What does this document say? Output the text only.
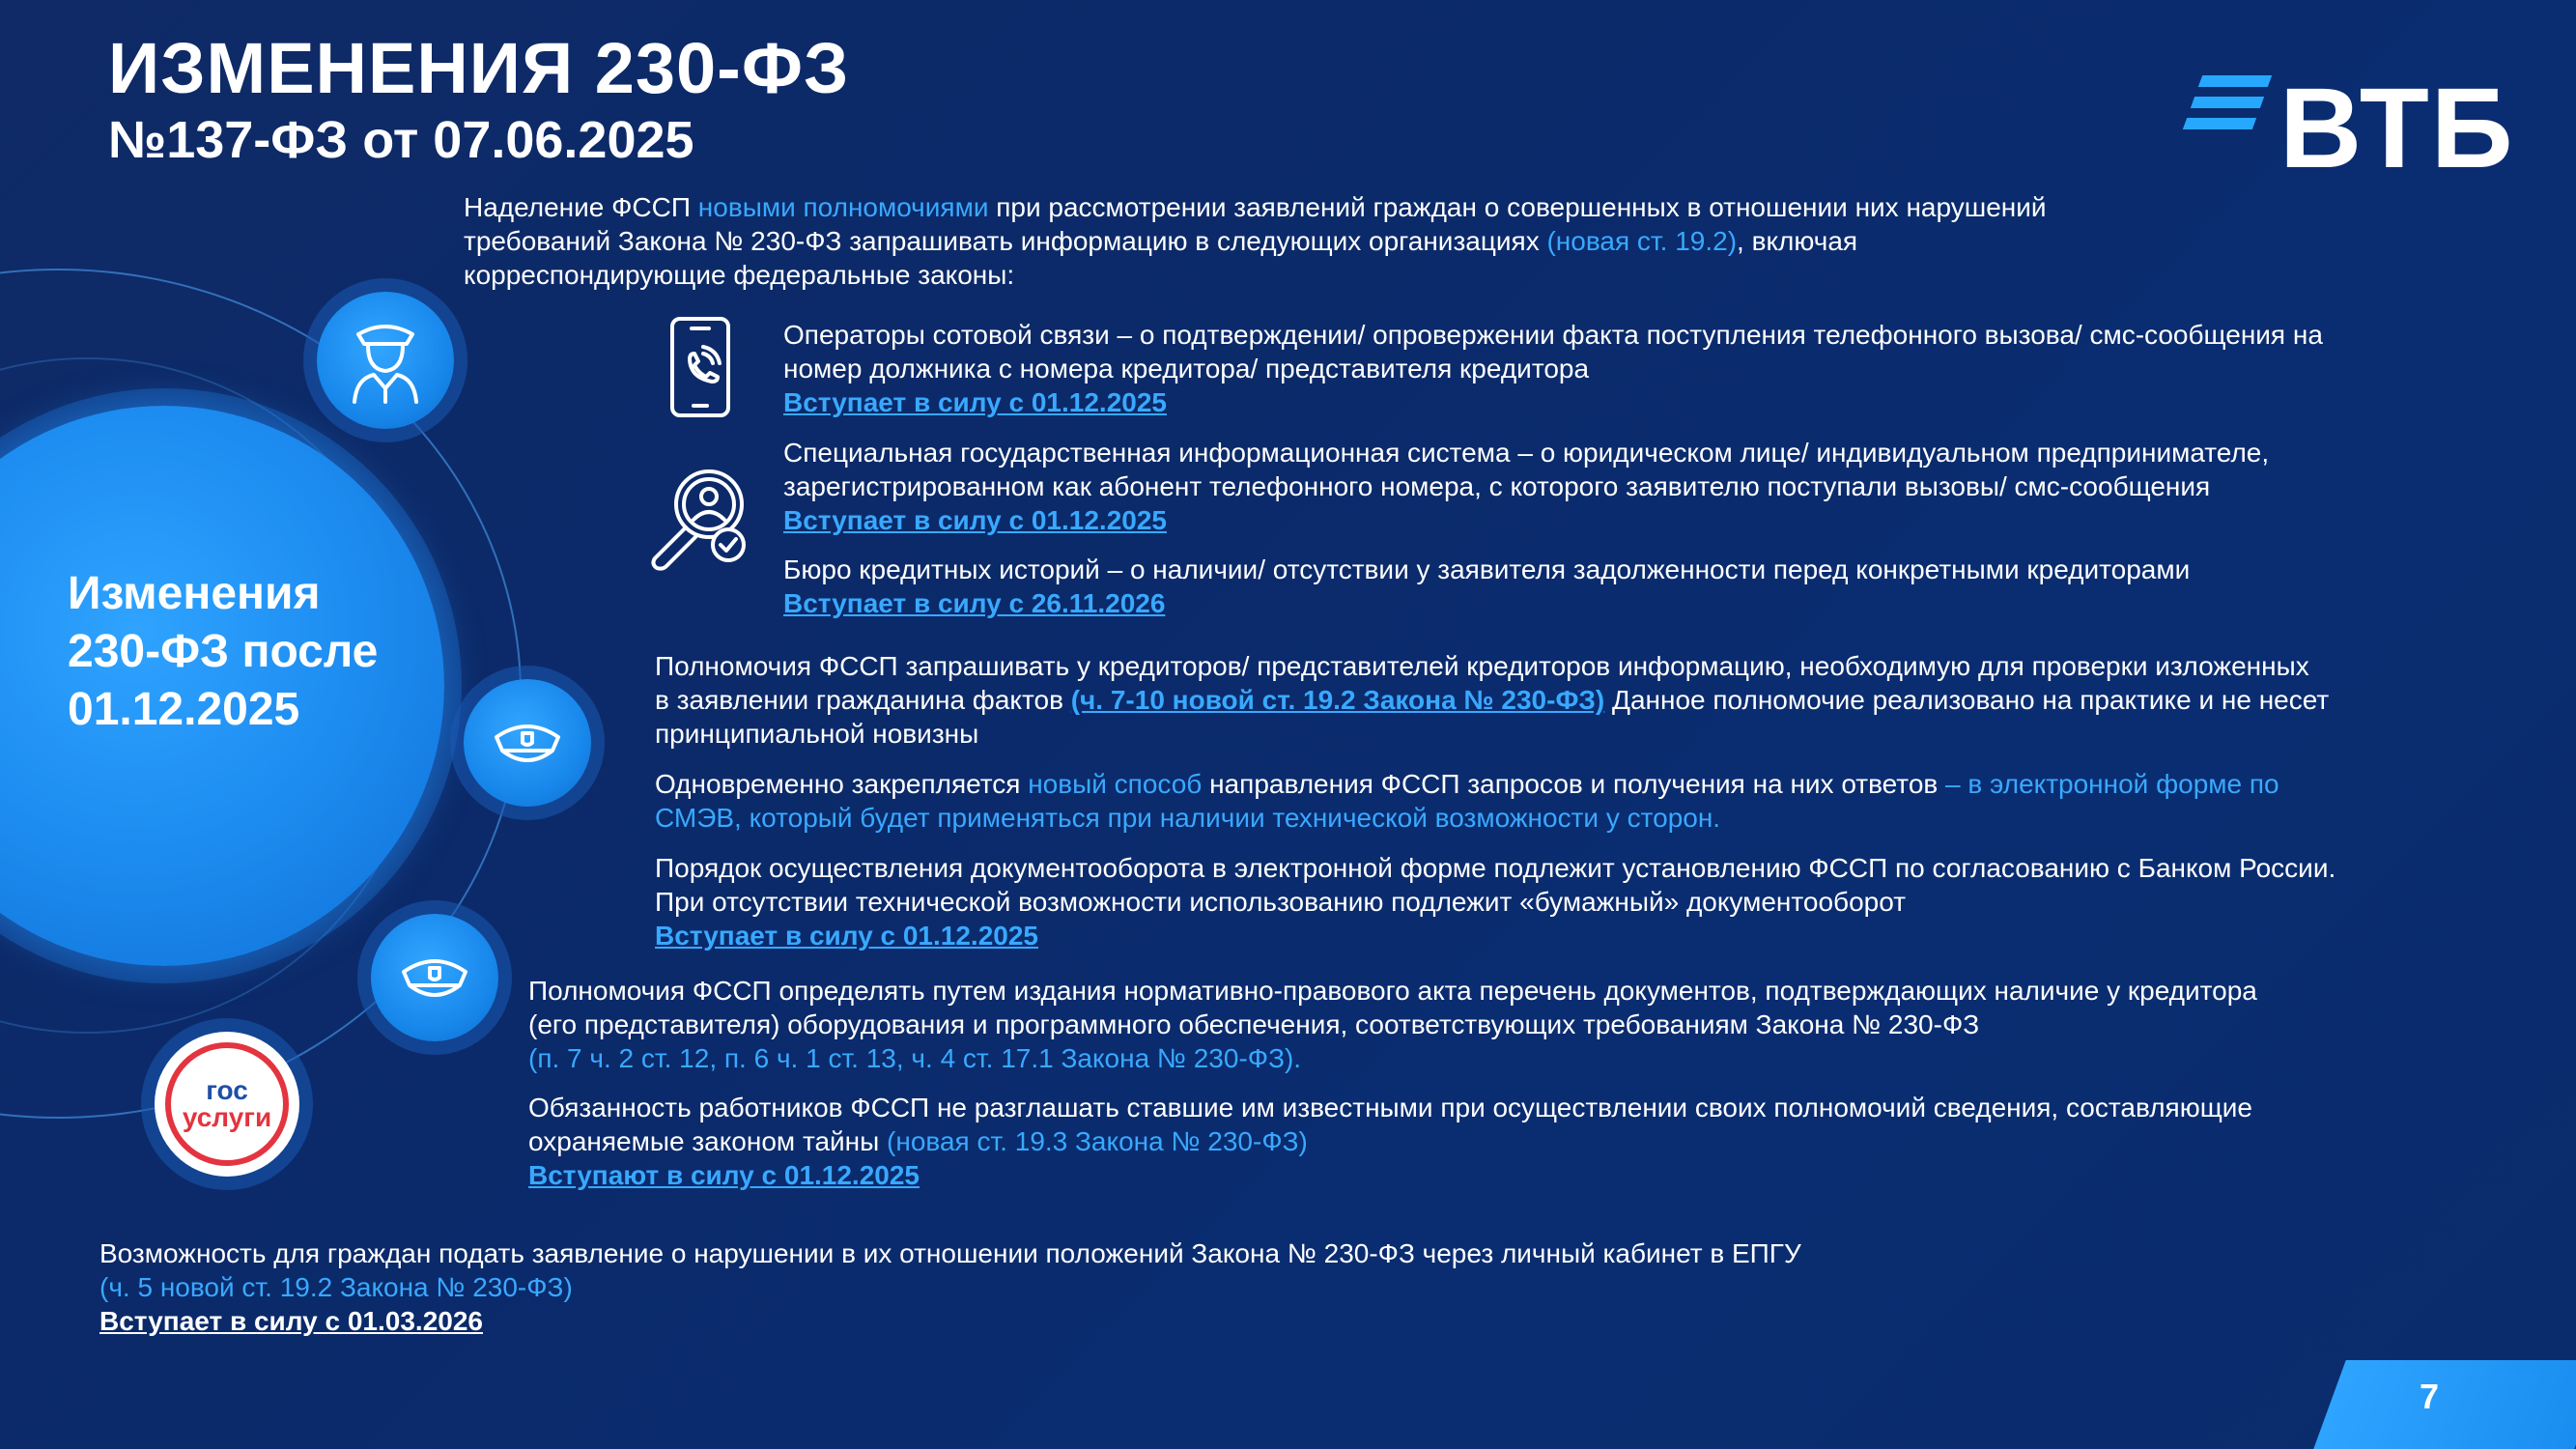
ИЗМЕНЕНИЯ 230-ФЗ
№137-ФЗ от 07.06.2025	ВТБ
Изменения
230-ФЗ после
01.12.2025
гос
услуги
Наделение ФССП новыми полномочиями при рассмотрении заявлений граждан о совершенных в отношении них нарушений
требований Закона № 230-ФЗ запрашивать информацию в следующих организациях (новая ст. 19.2), включая
корреспондирующие федеральные законы:
Операторы сотовой связи – о подтверждении/ опровержении факта поступления телефонного вызова/ смс-сообщения на
номер должника с номера кредитора/ представителя кредитора
Вступает в силу с 01.12.2025
Специальная государственная информационная система – о юридическом лице/ индивидуальном предпринимателе,
зарегистрированном как абонент телефонного номера, с которого заявителю поступали вызовы/ смс-сообщения
Вступает в силу с 01.12.2025
Бюро кредитных историй – о наличии/ отсутствии у заявителя задолженности перед конкретными кредиторами
Вступает в силу с 26.11.2026
Полномочия ФССП запрашивать у кредиторов/ представителей кредиторов информацию, необходимую для проверки изложенных
в заявлении гражданина фактов (ч. 7-10 новой ст. 19.2 Закона № 230-ФЗ) Данное полномочие реализовано на практике и не несет
принципиальной новизны
Одновременно закрепляется новый способ направления ФССП запросов и получения на них ответов – в электронной форме по
СМЭВ, который будет применяться при наличии технической возможности у сторон.
Порядок осуществления документооборота в электронной форме подлежит установлению ФССП по согласованию с Банком России.
При отсутствии технической возможности использованию подлежит «бумажный» документооборот
Вступает в силу с 01.12.2025
Полномочия ФССП определять путем издания нормативно-правового акта перечень документов, подтверждающих наличие у кредитора
(его представителя) оборудования и программного обеспечения, соответствующих требованиям Закона № 230-ФЗ
(п. 7 ч. 2 ст. 12, п. 6 ч. 1 ст. 13, ч. 4 ст. 17.1 Закона № 230-ФЗ).
Обязанность работников ФССП не разглашать ставшие им известными при осуществлении своих полномочий сведения, составляющие
охраняемые законом тайны (новая ст. 19.3 Закона № 230-ФЗ)
Вступают в силу с 01.12.2025
Возможность для граждан подать заявление о нарушении в их отношении положений Закона № 230-ФЗ через личный кабинет в ЕПГУ
(ч. 5 новой ст. 19.2 Закона № 230-ФЗ)
Вступает в силу с 01.03.2026
7
